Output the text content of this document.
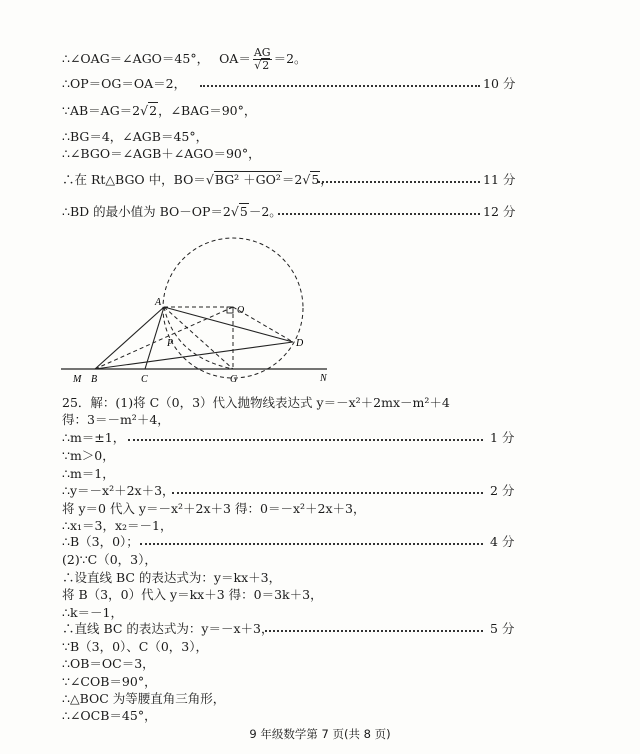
∴∠OAG＝∠AGO＝45°， $OA= \frac{AG}{√2} =2$。
∴OP＝OG＝OA＝2，	10 分
∵AB＝AG＝2√2，∠BAG＝90°，
∴BG＝4，∠AGB＝45°，
∴∠BGO＝∠AGB＋∠AGO＝90°，
∴在 Rt△BGO 中，BO＝√BG² ＋GO²＝2√5，	11 分
∴BD 的最小值为 BO－OP＝2√5－2。	12 分
A
O
P	D
M B	C	G	N
25．解：(1)将 C（0，3）代入抛物线表达式 y＝－x²＋2mx－m²＋4
得：3＝－m²＋4，
∴m＝±1，	1 分
∵m＞0，
∴m＝1，
∴y＝－x²＋2x＋3，	2 分
将 y＝0 代入 y＝－x²＋2x＋3 得：0＝－x²＋2x＋3，
∴x₁＝3，x₂＝－1，
∴B（3，0）；	4 分
(2)∵C（0，3），
∴设直线 BC 的表达式为：y＝kx＋3，
将 B（3，0）代入 y＝kx＋3 得：0＝3k＋3，
∴k＝－1，
∴直线 BC 的表达式为：y＝－x＋3，	5 分
∵B（3，0）、C（0，3），
∴OB＝OC＝3，
∵∠COB＝90°，
∴△BOC 为等腰直角三角形，
∴∠OCB＝45°，
9 年级数学第 7 页(共 8 页)
